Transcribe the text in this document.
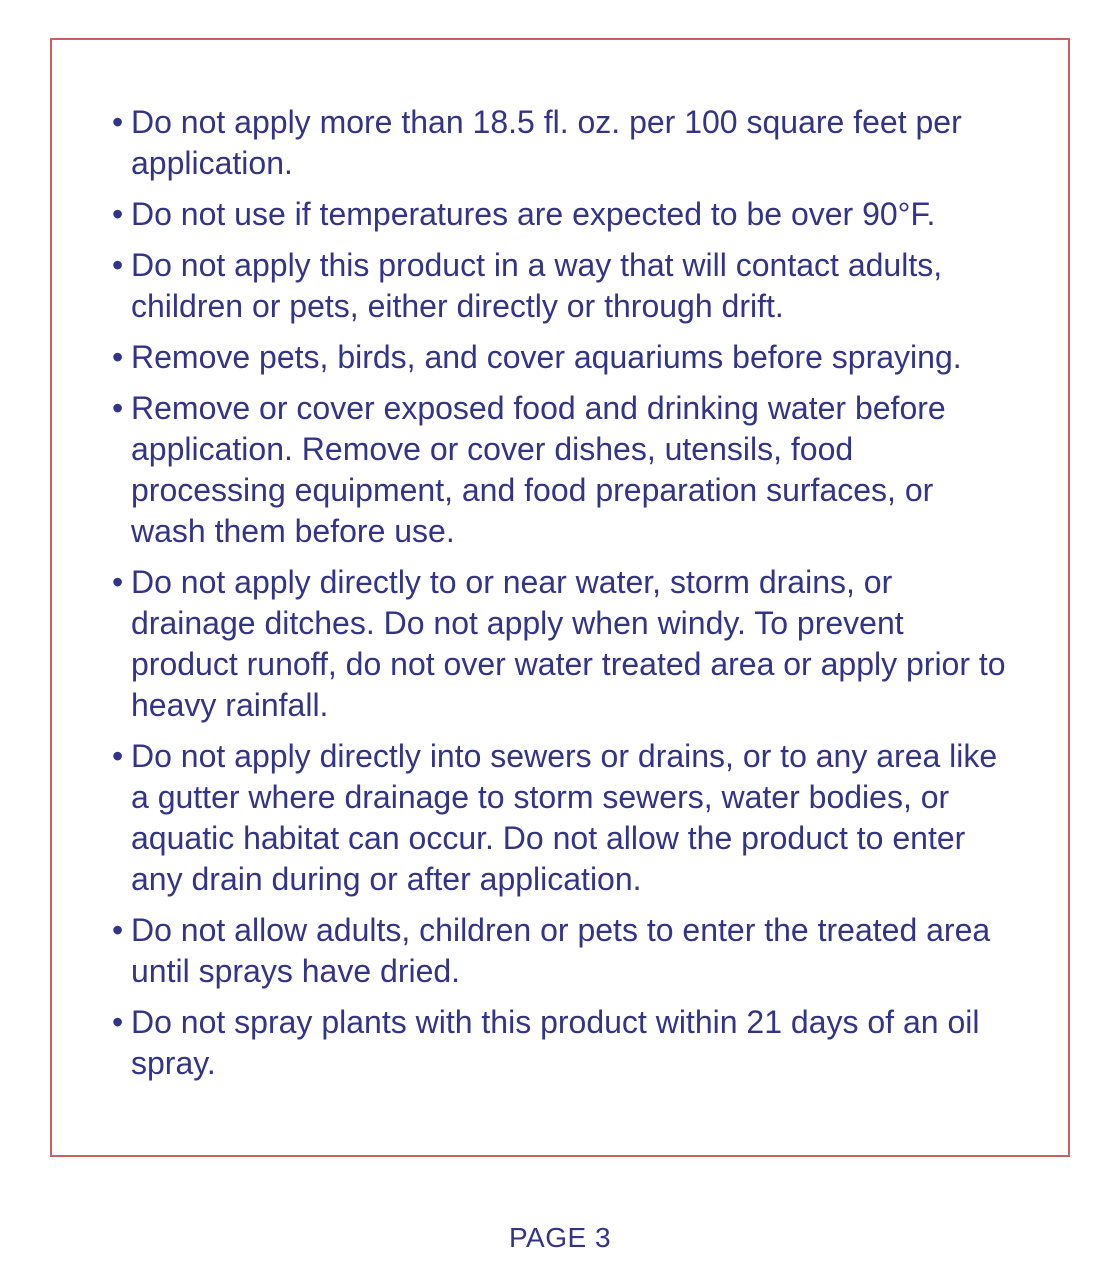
• Do not apply more than 18.5 fl. oz. per 100 square feet per application.
• Do not use if temperatures are expected to be over 90°F.
• Do not apply this product in a way that will contact adults, children or pets, either directly or through drift.
• Remove pets, birds, and cover aquariums before spraying.
• Remove or cover exposed food and drinking water before application. Remove or cover dishes, utensils, food processing equipment, and food preparation surfaces, or wash them before use.
• Do not apply directly to or near water, storm drains, or drainage ditches. Do not apply when windy. To prevent product runoff, do not over water treated area or apply prior to heavy rainfall.
• Do not apply directly into sewers or drains, or to any area like a gutter where drainage to storm sewers, water bodies, or aquatic habitat can occur. Do not allow the product to enter any drain during or after application.
• Do not allow adults, children or pets to enter the treated area until sprays have dried.
• Do not spray plants with this product within 21 days of an oil spray.
PAGE 3
